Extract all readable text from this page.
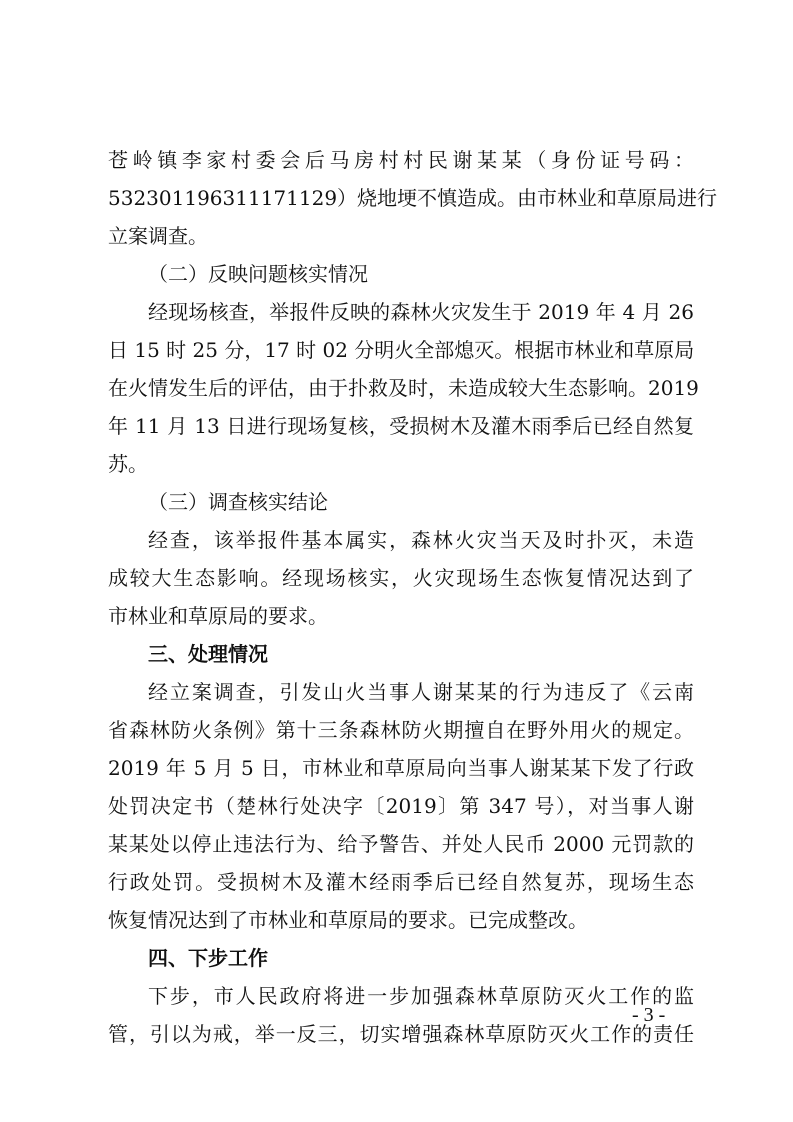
苍岭镇李家村委会后马房村村民谢某某（身份证号码：
532301196311171129）烧地埂不慎造成。由市林业和草原局进行
立案调查。
（二）反映问题核实情况
经现场核查，举报件反映的森林火灾发生于 2019 年 4 月 26
日 15 时 25 分，17 时 02 分明火全部熄灭。根据市林业和草原局
在火情发生后的评估，由于扑救及时，未造成较大生态影响。2019
年 11 月 13 日进行现场复核，受损树木及灌木雨季后已经自然复
苏。
（三）调查核实结论
经查，该举报件基本属实，森林火灾当天及时扑灭，未造
成较大生态影响。经现场核实，火灾现场生态恢复情况达到了
市林业和草原局的要求。
三、处理情况
经立案调查，引发山火当事人谢某某的行为违反了《云南
省森林防火条例》第十三条森林防火期擅自在野外用火的规定。
2019 年 5 月 5 日，市林业和草原局向当事人谢某某下发了行政
处罚决定书（楚林行处决字〔2019〕第 347 号），对当事人谢
某某处以停止违法行为、给予警告、并处人民币 2000 元罚款的
行政处罚。受损树木及灌木经雨季后已经自然复苏，现场生态
恢复情况达到了市林业和草原局的要求。已完成整改。
四、下步工作
下步，市人民政府将进一步加强森林草原防灭火工作的监
管，引以为戒，举一反三，切实增强森林草原防灭火工作的责任
- 3 -
